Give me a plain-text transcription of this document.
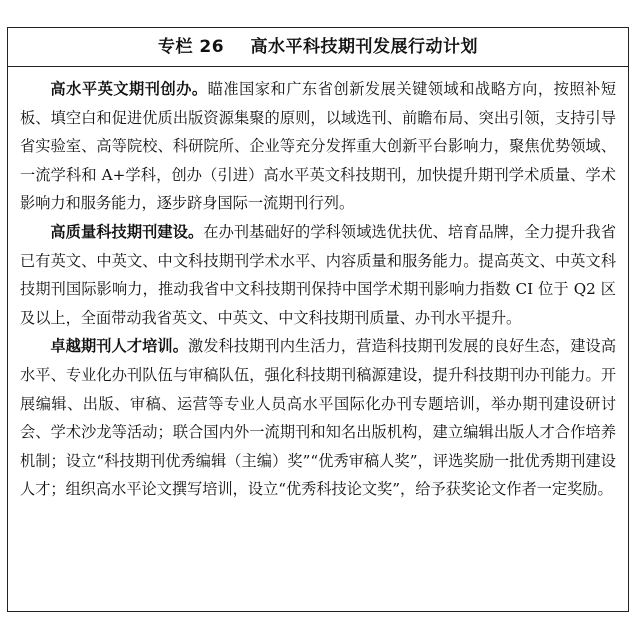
专栏 26 高水平科技期刊发展行动计划

高水平英文期刊创办。瞄准国家和广东省创新发展关键领域和战略方向，按照补短板、填空白和促进优质出版资源集聚的原则，以域选刊、前瞻布局、突出引领，支持引导省实验室、高等院校、科研院所、企业等充分发挥重大创新平台影响力，聚焦优势领域、一流学科和 A+学科，创办（引进）高水平英文科技期刊，加快提升期刊学术质量、学术影响力和服务能力，逐步跻身国际一流期刊行列。

高质量科技期刊建设。在办刊基础好的学科领域选优扶优、培育品牌，全力提升我省已有英文、中英文、中文科技期刊学术水平、内容质量和服务能力。提高英文、中英文科技期刊国际影响力，推动我省中文科技期刊保持中国学术期刊影响力指数 CI 位于 Q2 区及以上，全面带动我省英文、中英文、中文科技期刊质量、办刊水平提升。

卓越期刊人才培训。激发科技期刊内生活力，营造科技期刊发展的良好生态，建设高水平、专业化办刊队伍与审稿队伍，强化科技期刊稿源建设，提升科技期刊办刊能力。开展编辑、出版、审稿、运营等专业人员高水平国际化办刊专题培训，举办期刊建设研讨会、学术沙龙等活动；联合国内外一流期刊和知名出版机构，建立编辑出版人才合作培养机制；设立“科技期刊优秀编辑（主编）奖”“优秀审稿人奖”，评选奖励一批优秀期刊建设人才；组织高水平论文撰写培训，设立“优秀科技论文奖”，给予获奖论文作者一定奖励。
